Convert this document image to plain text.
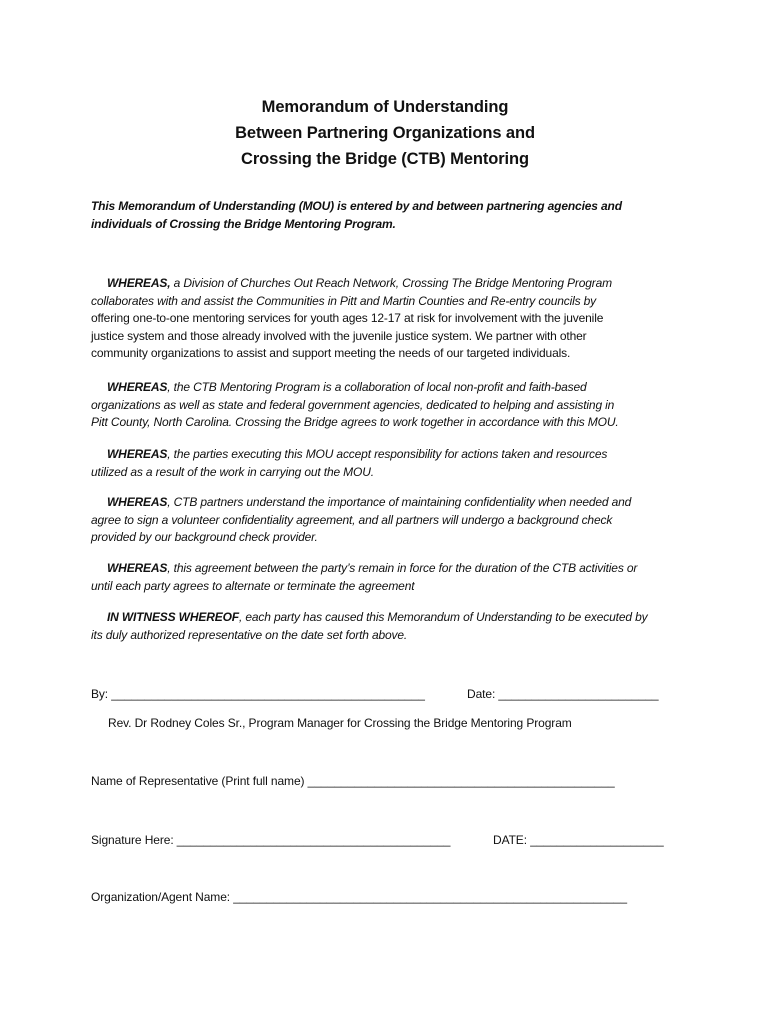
Memorandum of Understanding
Between Partnering Organizations and
Crossing the Bridge (CTB) Mentoring
This Memorandum of Understanding (MOU) is entered by and between partnering agencies and
individuals of Crossing the Bridge Mentoring Program.
WHEREAS, a Division of Churches Out Reach Network, Crossing The Bridge Mentoring Program
collaborates with and assist the Communities in Pitt and Martin Counties and Re-entry councils by
offering one-to-one mentoring services for youth ages 12-17 at risk for involvement with the juvenile
justice system and those already involved with the juvenile justice system. We partner with other
community organizations to assist and support meeting the needs of our targeted individuals.
WHEREAS, the CTB Mentoring Program is a collaboration of local non-profit and faith-based
organizations as well as state and federal government agencies, dedicated to helping and assisting in
Pitt County, North Carolina. Crossing the Bridge agrees to work together in accordance with this MOU.
WHEREAS, the parties executing this MOU accept responsibility for actions taken and resources
utilized as a result of the work in carrying out the MOU.
WHEREAS, CTB partners understand the importance of maintaining confidentiality when needed and
agree to sign a volunteer confidentiality agreement, and all partners will undergo a background check
provided by our background check provider.
WHEREAS, this agreement between the party’s remain in force for the duration of the CTB activities or
until each party agrees to alternate or terminate the agreement
IN WITNESS WHEREOF, each party has caused this Memorandum of Understanding to be executed by
its duly authorized representative on the date set forth above.
By: _______________________________________________	Date: ________________________
Rev. Dr Rodney Coles Sr., Program Manager for Crossing the Bridge Mentoring Program
Name of Representative (Print full name) ______________________________________________
Signature Here: _________________________________________	DATE: ____________________
Organization/Agent Name: ___________________________________________________________
